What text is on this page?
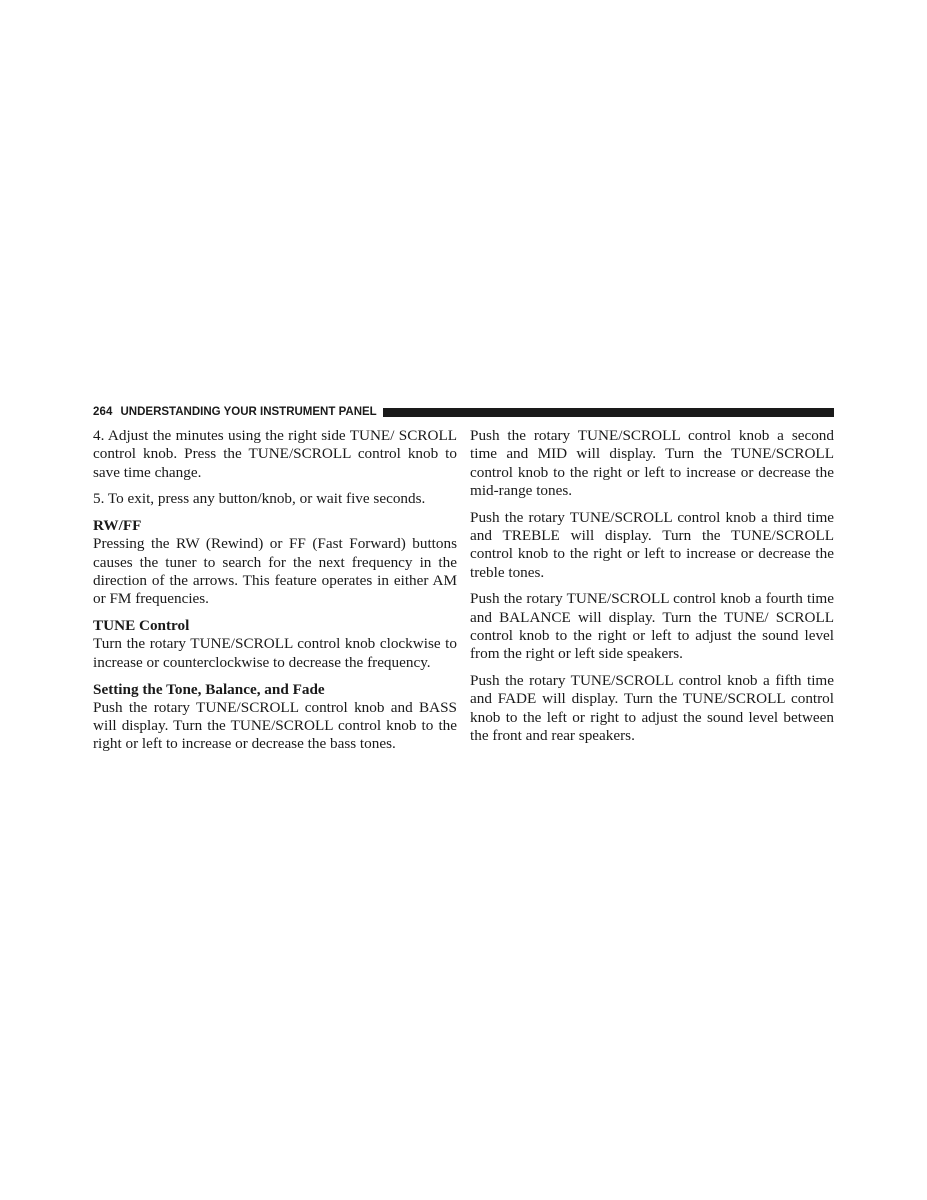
264 UNDERSTANDING YOUR INSTRUMENT PANEL

4. Adjust the minutes using the right side TUNE/ SCROLL control knob. Press the TUNE/SCROLL control knob to save time change.

5. To exit, press any button/knob, or wait five seconds.

RW/FF

Pressing the RW (Rewind) or FF (Fast Forward) buttons causes the tuner to search for the next frequency in the direction of the arrows. This feature operates in either AM or FM frequencies.

TUNE Control

Turn the rotary TUNE/SCROLL control knob clockwise to increase or counterclockwise to decrease the frequency.

Setting the Tone, Balance, and Fade

Push the rotary TUNE/SCROLL control knob and BASS will display. Turn the TUNE/SCROLL control knob to the right or left to increase or decrease the bass tones.

Push the rotary TUNE/SCROLL control knob a second time and MID will display. Turn the TUNE/SCROLL control knob to the right or left to increase or decrease the mid-range tones.

Push the rotary TUNE/SCROLL control knob a third time and TREBLE will display. Turn the TUNE/SCROLL control knob to the right or left to increase or decrease the treble tones.

Push the rotary TUNE/SCROLL control knob a fourth time and BALANCE will display. Turn the TUNE/ SCROLL control knob to the right or left to adjust the sound level from the right or left side speakers.

Push the rotary TUNE/SCROLL control knob a fifth time and FADE will display. Turn the TUNE/SCROLL control knob to the left or right to adjust the sound level between the front and rear speakers.
